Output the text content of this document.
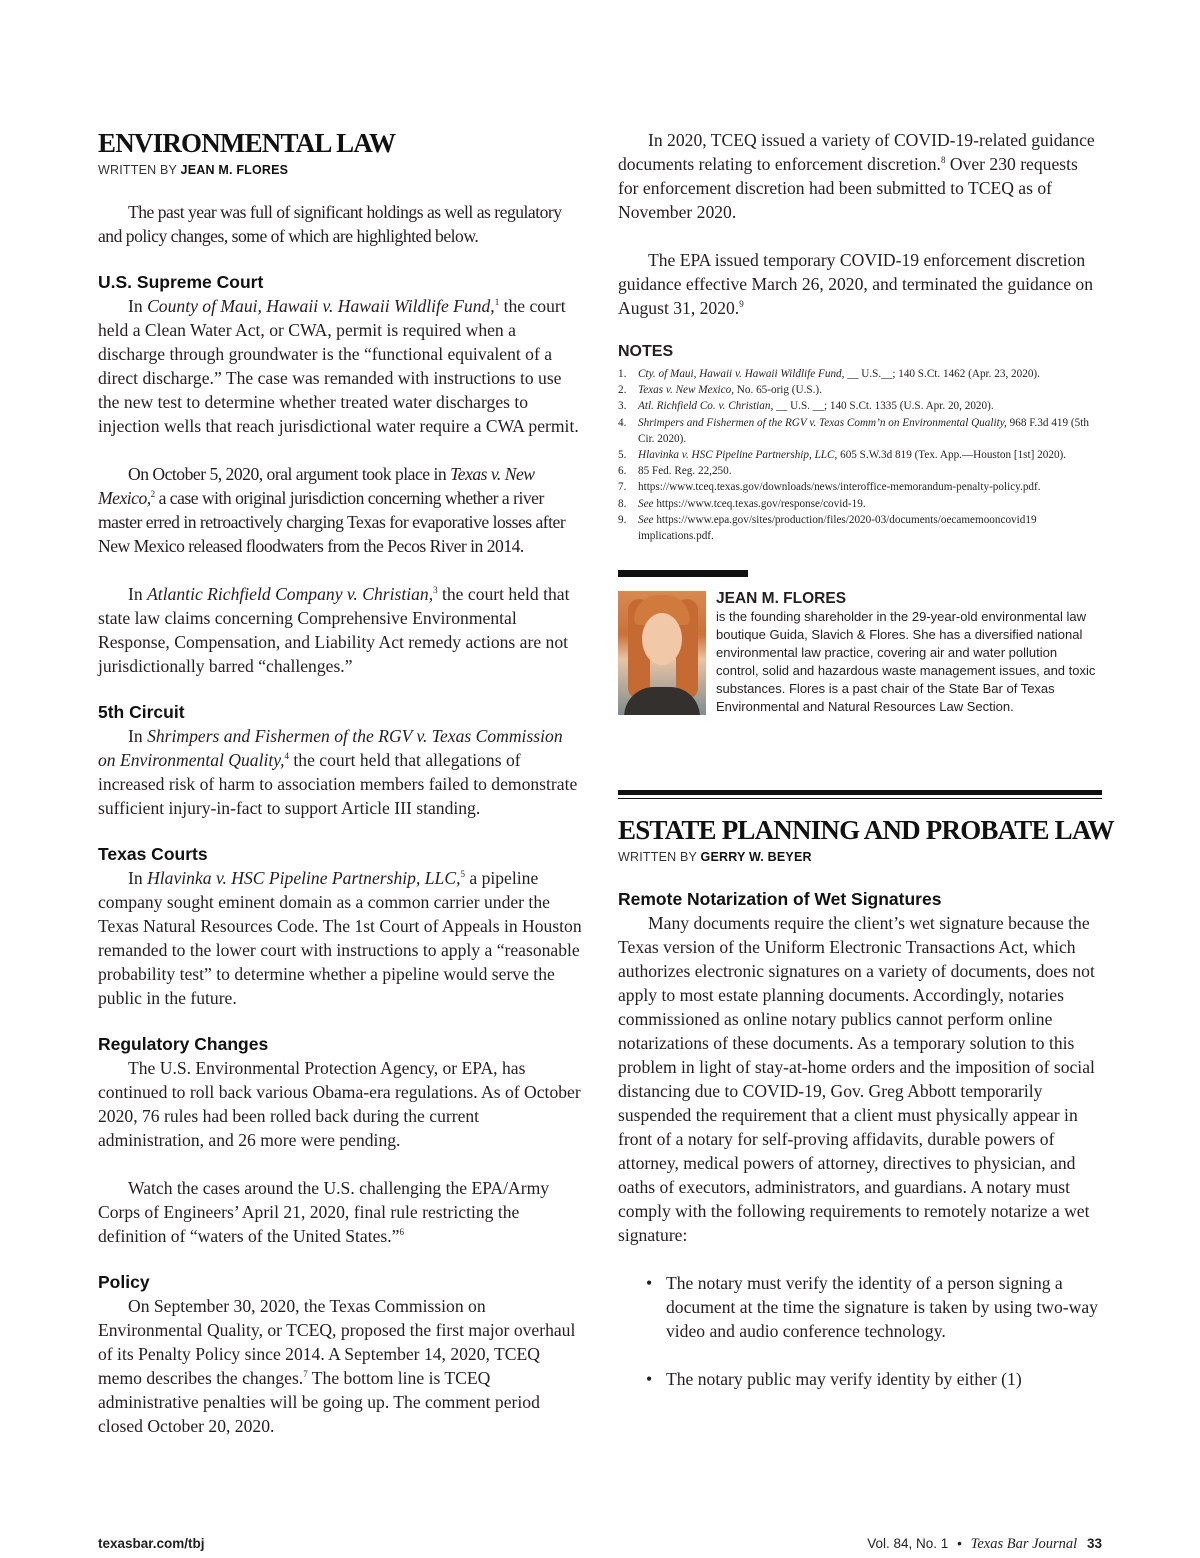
ENVIRONMENTAL LAW
WRITTEN BY JEAN M. FLORES

The past year was full of significant holdings as well as regulatory and policy changes, some of which are highlighted below.

U.S. Supreme Court

In County of Maui, Hawaii v. Hawaii Wildlife Fund,$^1$ the court held a Clean Water Act, or CWA, permit is required when a discharge through groundwater is the “functional equivalent of a direct discharge.” The case was remanded with instructions to use the new test to determine whether treated water discharges to injection wells that reach jurisdictional water require a CWA permit.

On October 5, 2020, oral argument took place in Texas v. New Mexico,$^2$ a case with original jurisdiction concerning whether a river master erred in retroactively charging Texas for evaporative losses after New Mexico released floodwaters from the Pecos River in 2014.

In Atlantic Richfield Company v. Christian,$^3$ the court held that state law claims concerning Comprehensive Environmental Response, Compensation, and Liability Act remedy actions are not jurisdictionally barred “challenges.”

5th Circuit

In Shrimpers and Fishermen of the RGV v. Texas Commission on Environmental Quality,$^4$ the court held that allegations of increased risk of harm to association members failed to demonstrate sufficient injury-in-fact to support Article III standing.

Texas Courts

In Hlavinka v. HSC Pipeline Partnership, LLC,$^5$ a pipeline company sought eminent domain as a common carrier under the Texas Natural Resources Code. The 1st Court of Appeals in Houston remanded to the lower court with instructions to apply a “reasonable probability test” to determine whether a pipeline would serve the public in the future.

Regulatory Changes

The U.S. Environmental Protection Agency, or EPA, has continued to roll back various Obama-era regulations. As of October 2020, 76 rules had been rolled back during the current administration, and 26 more were pending.

Watch the cases around the U.S. challenging the EPA/Army Corps of Engineers’ April 21, 2020, final rule restricting the definition of “waters of the United States.”$^6$

Policy

On September 30, 2020, the Texas Commission on Environmental Quality, or TCEQ, proposed the first major overhaul of its Penalty Policy since 2014. A September 14, 2020, TCEQ memo describes the changes.$^7$ The bottom line is TCEQ administrative penalties will be going up. The comment period closed October 20, 2020.

In 2020, TCEQ issued a variety of COVID-19-related guidance documents relating to enforcement discretion.$^8$ Over 230 requests for enforcement discretion had been submitted to TCEQ as of November 2020.

The EPA issued temporary COVID-19 enforcement discretion guidance effective March 26, 2020, and terminated the guidance on August 31, 2020.$^9$

NOTES
1. Cty. of Maui, Hawaii v. Hawaii Wildlife Fund, __ U.S.__; 140 S.Ct. 1462 (Apr. 23, 2020).
2. Texas v. New Mexico, No. 65-orig (U.S.).
3. Atl. Richfield Co. v. Christian, __ U.S. __; 140 S.Ct. 1335 (U.S. Apr. 20, 2020).
4. Shrimpers and Fishermen of the RGV v. Texas Comm’n on Environmental Quality, 968 F.3d 419 (5th Cir. 2020).
5. Hlavinka v. HSC Pipeline Partnership, LLC, 605 S.W.3d 819 (Tex. App.—Houston [1st] 2020).
6. 85 Fed. Reg. 22,250.
7. https://www.tceq.texas.gov/downloads/news/interoffice-memorandum-penalty-policy.pdf.
8. See https://www.tceq.texas.gov/response/covid-19.
9. See https://www.epa.gov/sites/production/files/2020-03/documents/oecamemooncovid19 implications.pdf.

JEAN M. FLORES

is the founding shareholder in the 29-year-old environmental law boutique Guida, Slavich & Flores. She has a diversified national environmental law practice, covering air and water pollution control, solid and hazardous waste management issues, and toxic substances. Flores is a past chair of the State Bar of Texas Environmental and Natural Resources Law Section.

ESTATE PLANNING AND PROBATE LAW
WRITTEN BY GERRY W. BEYER
Remote Notarization of Wet Signatures

Many documents require the client’s wet signature because the Texas version of the Uniform Electronic Transactions Act, which authorizes electronic signatures on a variety of documents, does not apply to most estate planning documents. Accordingly, notaries commissioned as online notary publics cannot perform online notarizations of these documents. As a temporary solution to this problem in light of stay-at-home orders and the imposition of social distancing due to COVID-19, Gov. Greg Abbott temporarily suspended the requirement that a client must physically appear in front of a notary for self-proving affidavits, durable powers of attorney, medical powers of attorney, directives to physician, and oaths of executors, administrators, and guardians. A notary must comply with the following requirements to remotely notarize a wet signature:

• The notary must verify the identity of a person signing a document at the time the signature is taken by using two-way video and audio conference technology.
• The notary public may verify identity by either (1)
texasbar.com/tbj	Vol. 84, No. 1 • Texas Bar Journal 33
